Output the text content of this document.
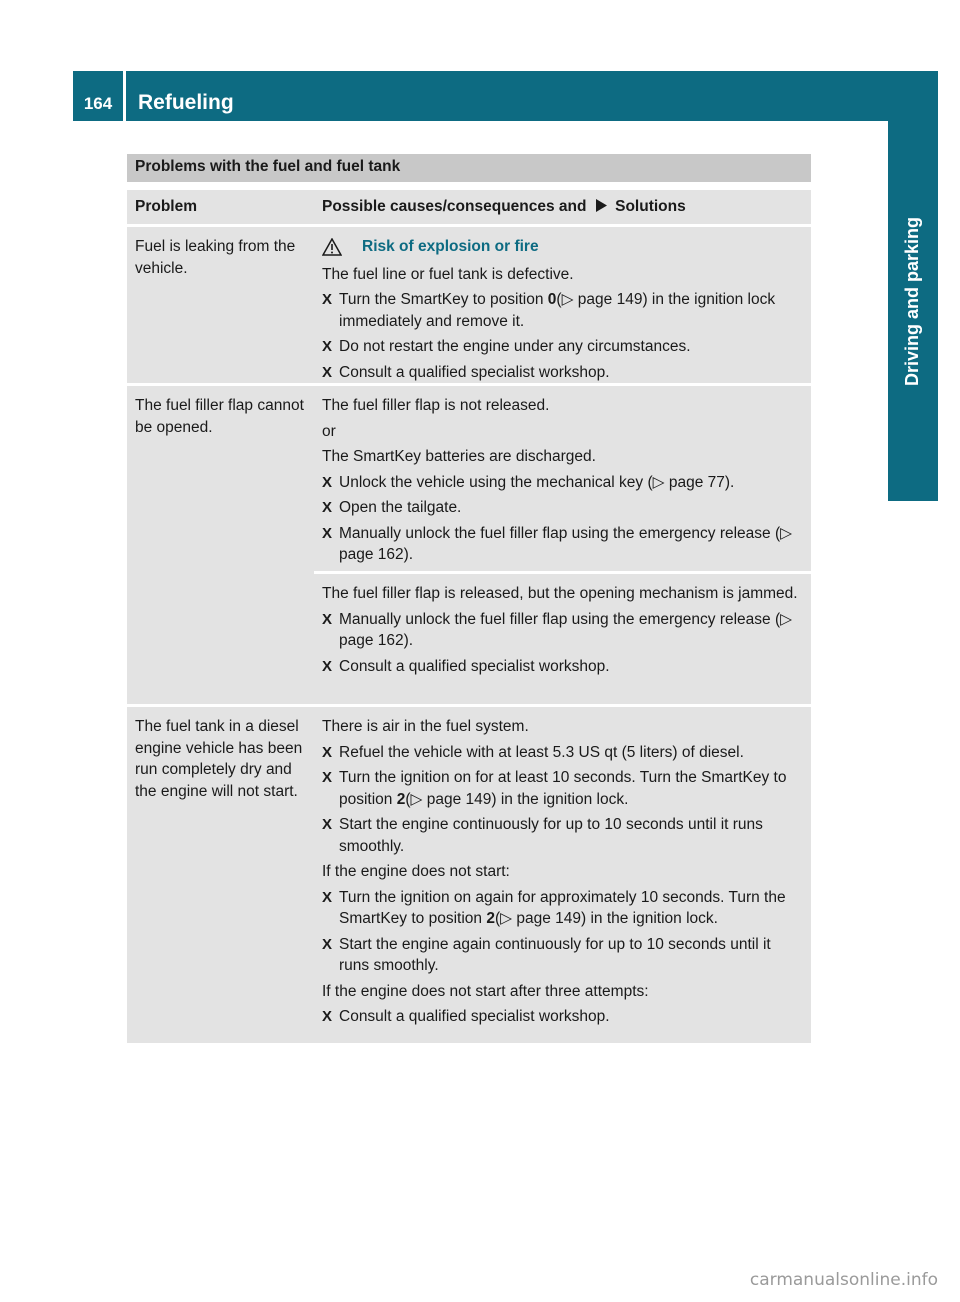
164	Refueling
Driving and parking
Problems with the fuel and fuel tank
Problem	Possible causes/consequences and Solutions
Fuel is leaking from the vehicle.
Risk of explosion or fire

The fuel line or fuel tank is defective.

X Turn the SmartKey to position 0(▷ page 149) in the ignition lock immediately and remove it.
X Do not restart the engine under any circumstances.
X Consult a qualified specialist workshop.
The fuel filler flap cannot be opened.

The fuel filler flap is not released.

or

The SmartKey batteries are discharged.

X Unlock the vehicle using the mechanical key (▷ page 77).
X Open the tailgate.
X Manually unlock the fuel filler flap using the emergency release (▷ page 162).

The fuel filler flap is released, but the opening mechanism is jammed.

X Manually unlock the fuel filler flap using the emergency release (▷ page 162).
X Consult a qualified specialist workshop.
The fuel tank in a diesel engine vehicle has been run completely dry and the engine will not start.

There is air in the fuel system.

X Refuel the vehicle with at least 5.3 US qt (5 liters) of diesel.
X Turn the ignition on for at least 10 seconds. Turn the SmartKey to position 2(▷ page 149) in the ignition lock.
X Start the engine continuously for up to 10 seconds until it runs smoothly.

If the engine does not start:

X Turn the ignition on again for approximately 10 seconds. Turn the SmartKey to position 2(▷ page 149) in the ignition lock.
X Start the engine again continuously for up to 10 seconds until it runs smoothly.

If the engine does not start after three attempts:

X Consult a qualified specialist workshop.
carmanualsonline.info
